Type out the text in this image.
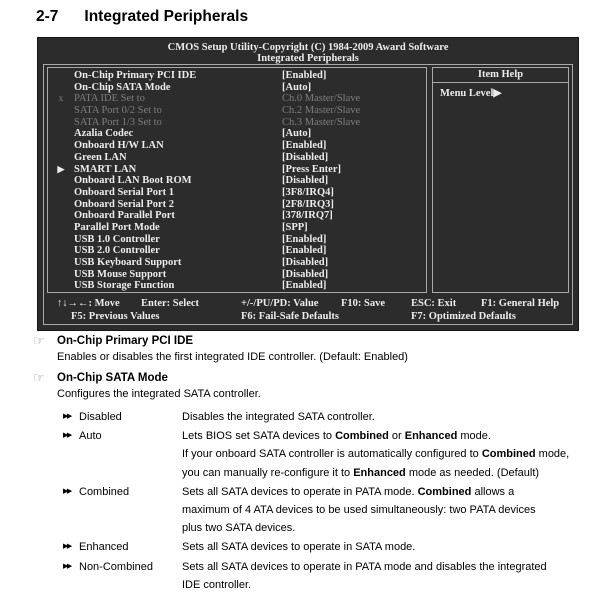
2-7 Integrated Peripherals
CMOS Setup Utility-Copyright (C) 1984-2009 Award Software
Integrated Peripherals
On-Chip Primary PCI IDE	[Enabled]
On-Chip SATA Mode	[Auto]
x	PATA IDE Set to	Ch.0 Master/Slave
SATA Port 0/2 Set to	Ch.2 Master/Slave
SATA Port 1/3 Set to	Ch.3 Master/Slave
Azalia Codec	[Auto]
Onboard H/W LAN	[Enabled]
Green LAN	[Disabled]
▶ SMART LAN	[Press Enter]
Onboard LAN Boot ROM	[Disabled]
Onboard Serial Port 1	[3F8/IRQ4]
Onboard Serial Port 2	[2F8/IRQ3]
Onboard Parallel Port	[378/IRQ7]
Parallel Port Mode	[SPP]
USB 1.0 Controller	[Enabled]
USB 2.0 Controller	[Enabled]
USB Keyboard Support	[Disabled]
USB Mouse Support	[Disabled]
USB Storage Function	[Enabled]
Item Help
Menu Level▶
↑↓→←: Move Enter: Select	+/-/PU/PD: Value F10: Save ESC: Exit F1: General Help
F5: Previous Values	F6: Fail-Safe Defaults	F7: Optimized Defaults
☞	On-Chip Primary PCI IDE
Enables or disables the first integrated IDE controller. (Default: Enabled)
☞	On-Chip SATA Mode
Configures the integrated SATA controller.
▶▶ Disabled	Disables the integrated SATA controller.
▶▶ Auto	Lets BIOS set SATA devices to Combined or Enhanced mode.
If your onboard SATA controller is automatically configured to Combined mode,
you can manually re-configure it to Enhanced mode as needed. (Default)
▶▶ Combined	Sets all SATA devices to operate in PATA mode. Combined allows a
maximum of 4 ATA devices to be used simultaneously: two PATA devices
plus two SATA devices.
▶▶ Enhanced	Sets all SATA devices to operate in SATA mode.
▶▶ Non-Combined	Sets all SATA devices to operate in PATA mode and disables the integrated
IDE controller.
